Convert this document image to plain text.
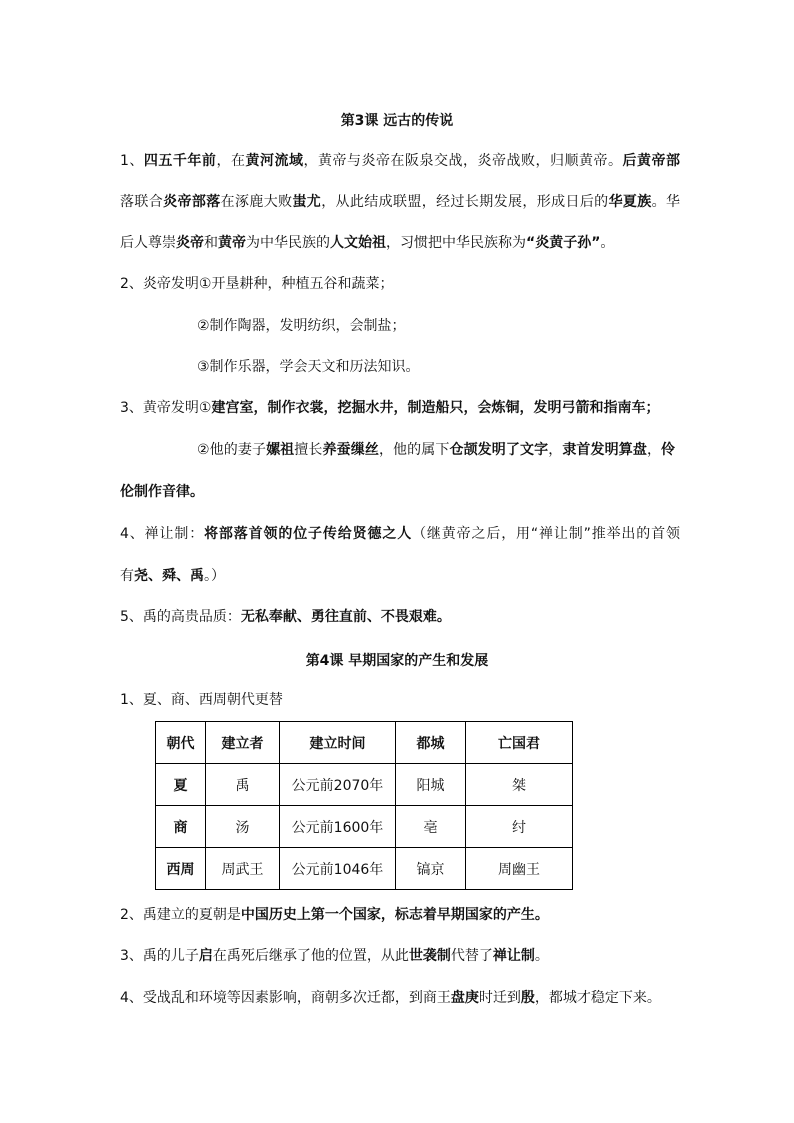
第3课 远古的传说
1、四五千年前，在黄河流域，黄帝与炎帝在阪泉交战，炎帝战败，归顺黄帝。后黄帝部
落联合炎帝部落在涿鹿大败蚩尤，从此结成联盟，经过长期发展，形成日后的华夏族。华
后人尊崇炎帝和黄帝为中华民族的人文始祖，习惯把中华民族称为“炎黄子孙”。
2、炎帝发明①开垦耕种，种植五谷和蔬菜；
②制作陶器，发明纺织，会制盐；
③制作乐器，学会天文和历法知识。
3、黄帝发明①建宫室，制作衣裳，挖掘水井，制造船只，会炼铜，发明弓箭和指南车；
②他的妻子嫘祖擅长养蚕缫丝，他的属下仓颉发明了文字，隶首发明算盘，伶
伦制作音律。
4、禅让制：将部落首领的位子传给贤德之人（继黄帝之后，用“禅让制”推举出的首领
有尧、舜、禹。）
5、禹的高贵品质：无私奉献、勇往直前、不畏艰难。
第4课 早期国家的产生和发展
1、夏、商、西周朝代更替
朝代	建立者	建立时间	都城	亡国君
夏	禹	公元前2070年	阳城	桀
商	汤	公元前1600年	亳	纣
西周	周武王	公元前1046年	镐京	周幽王
2、禹建立的夏朝是中国历史上第一个国家，标志着早期国家的产生。
3、禹的儿子启在禹死后继承了他的位置，从此世袭制代替了禅让制。
4、受战乱和环境等因素影响，商朝多次迁都，到商王盘庚时迁到殷，都城才稳定下来。
